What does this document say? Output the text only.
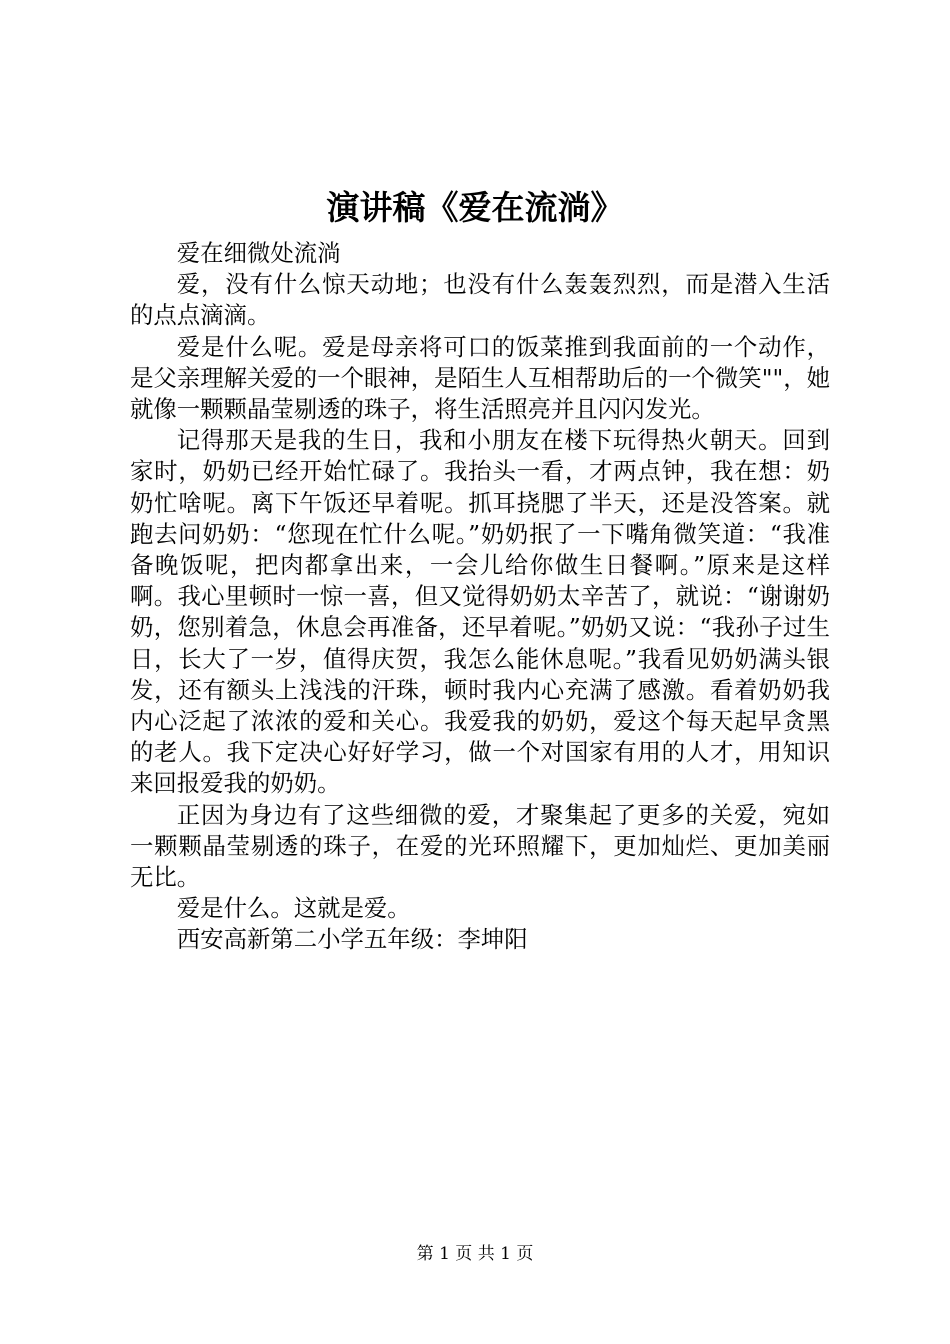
演讲稿《爱在流淌》

爱在细微处流淌

爱，没有什么惊天动地；也没有什么轰轰烈烈，而是潜入生活的点点滴滴。

爱是什么呢。爱是母亲将可口的饭菜推到我面前的一个动作，是父亲理解关爱的一个眼神，是陌生人互相帮助后的一个微笑""，她就像一颗颗晶莹剔透的珠子，将生活照亮并且闪闪发光。

记得那天是我的生日，我和小朋友在楼下玩得热火朝天。回到家时，奶奶已经开始忙碌了。我抬头一看，才两点钟，我在想：奶奶忙啥呢。离下午饭还早着呢。抓耳挠腮了半天，还是没答案。就跑去问奶奶：“您现在忙什么呢。”奶奶抿了一下嘴角微笑道：“我准备晚饭呢，把肉都拿出来，一会儿给你做生日餐啊。”原来是这样啊。我心里顿时一惊一喜，但又觉得奶奶太辛苦了，就说：“谢谢奶奶，您别着急，休息会再准备，还早着呢。”奶奶又说：“我孙子过生日，长大了一岁，值得庆贺，我怎么能休息呢。”我看见奶奶满头银发，还有额头上浅浅的汗珠，顿时我内心充满了感激。看着奶奶我内心泛起了浓浓的爱和关心。我爱我的奶奶，爱这个每天起早贪黑的老人。我下定决心好好学习，做一个对国家有用的人才，用知识来回报爱我的奶奶。

正因为身边有了这些细微的爱，才聚集起了更多的关爱，宛如一颗颗晶莹剔透的珠子，在爱的光环照耀下，更加灿烂、更加美丽无比。

爱是什么。这就是爱。

西安高新第二小学五年级：李坤阳

第 1 页 共 1 页
